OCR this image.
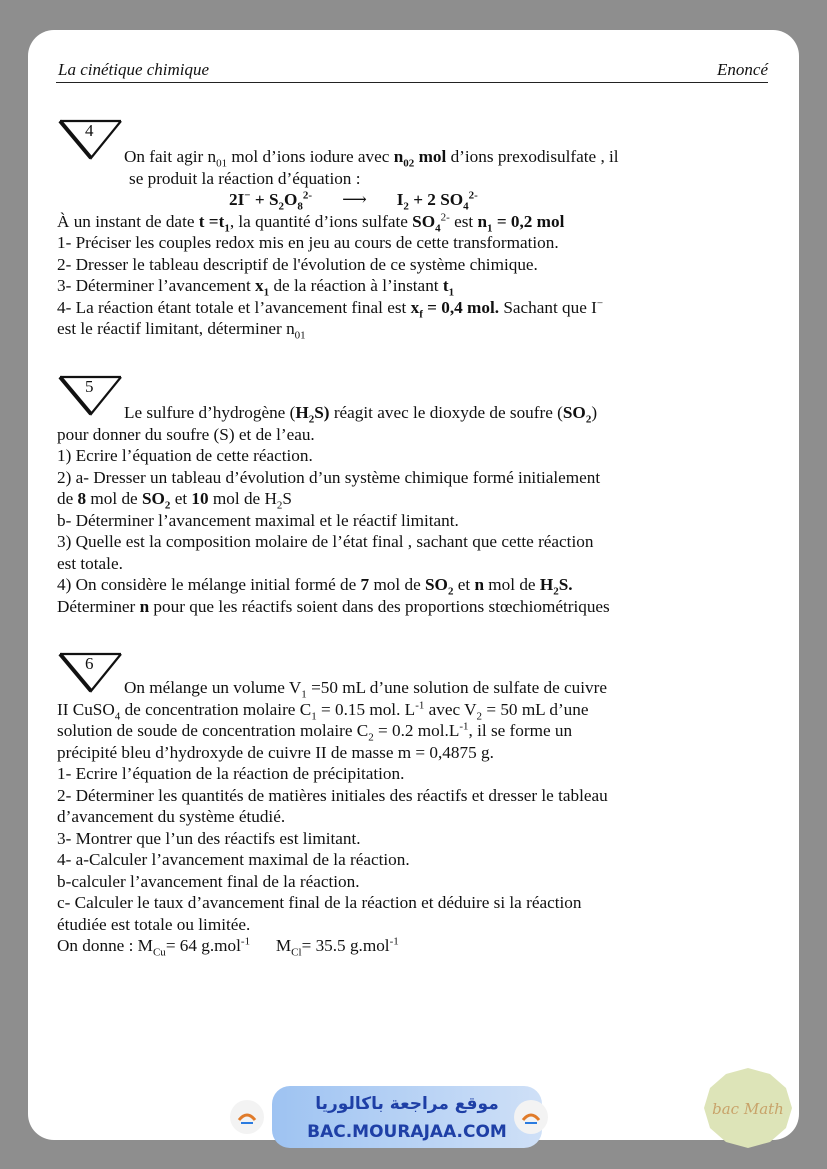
La cinétique chimique	Enoncé
4

On fait agir $n_{01}$ mol d’ions iodure avec $n_{02}$ mol d’ions prexodisulfate , il

se produit la réaction d’équation :

$2I^- + S_2O_8^{2-}$ ⟶ $I_2 + 2$ $SO_4^{2-}$

À un instant de date $t =t_1$, la quantité d’ions sulfate $SO_4^{2-}$ est $n_1 = 0,2$ mol

1- Préciser les couples redox mis en jeu au cours de cette transformation.

2- Dresser le tableau descriptif de l'évolution de ce système chimique.

3- Déterminer l’avancement $x_1$ de la réaction à l’instant $t_1$

4- La réaction étant totale et l’avancement final est $x_f = 0,4$ mol. Sachant que I−

est le réactif limitant, déterminer $n_{01}$

5

Le sulfure d’hydrogène $(H_2S)$ réagit avec le dioxyde de soufre $(SO_2)$

pour donner du soufre (S) et de l’eau.

1) Ecrire l’équation de cette réaction.

2) a- Dresser un tableau d’évolution d’un système chimique formé initialement

de 8 mol de $SO_2$ et 10 mol de $H_2S$

b- Déterminer l’avancement maximal et le réactif limitant.

3) Quelle est la composition molaire de l’état final , sachant que cette réaction

est totale.

4) On considère le mélange initial formé de 7 mol de $SO_2$ et n mol de $H_2S$.

Déterminer n pour que les réactifs soient dans des proportions stœchiométriques

6

On mélange un volume $V_1 =50$ mL d’une solution de sulfate de cuivre

II CuSO$_4$ de concentration molaire $C_1 = 0.15$ mol. $L^{-1}$ avec $V_2 = 50$ mL d’une

solution de soude de concentration molaire $C_2 = 0.2$ $mol.L^{-1}$, il se forme un

précipité bleu d’hydroxyde de cuivre II de masse m = 0,4875 g.

1- Ecrire l’équation de la réaction de précipitation.

2- Déterminer les quantités de matières initiales des réactifs et dresser le tableau

d’avancement du système étudié.

3- Montrer que l’un des réactifs est limitant.

4- a-Calculer l’avancement maximal de la réaction.

b-calculer l’avancement final de la réaction.

c- Calculer le taux d’avancement final de la réaction et déduire si la réaction

étudiée est totale ou limitée.

On donne : $M_{Cu}= 64$ g.mol$^{-1}$      $M_{Cl}= 35.5$ g.mol$^{-1}$

موقع مراجعة باكالوريا
BAC.MOURAJAA.COM
bac Math
